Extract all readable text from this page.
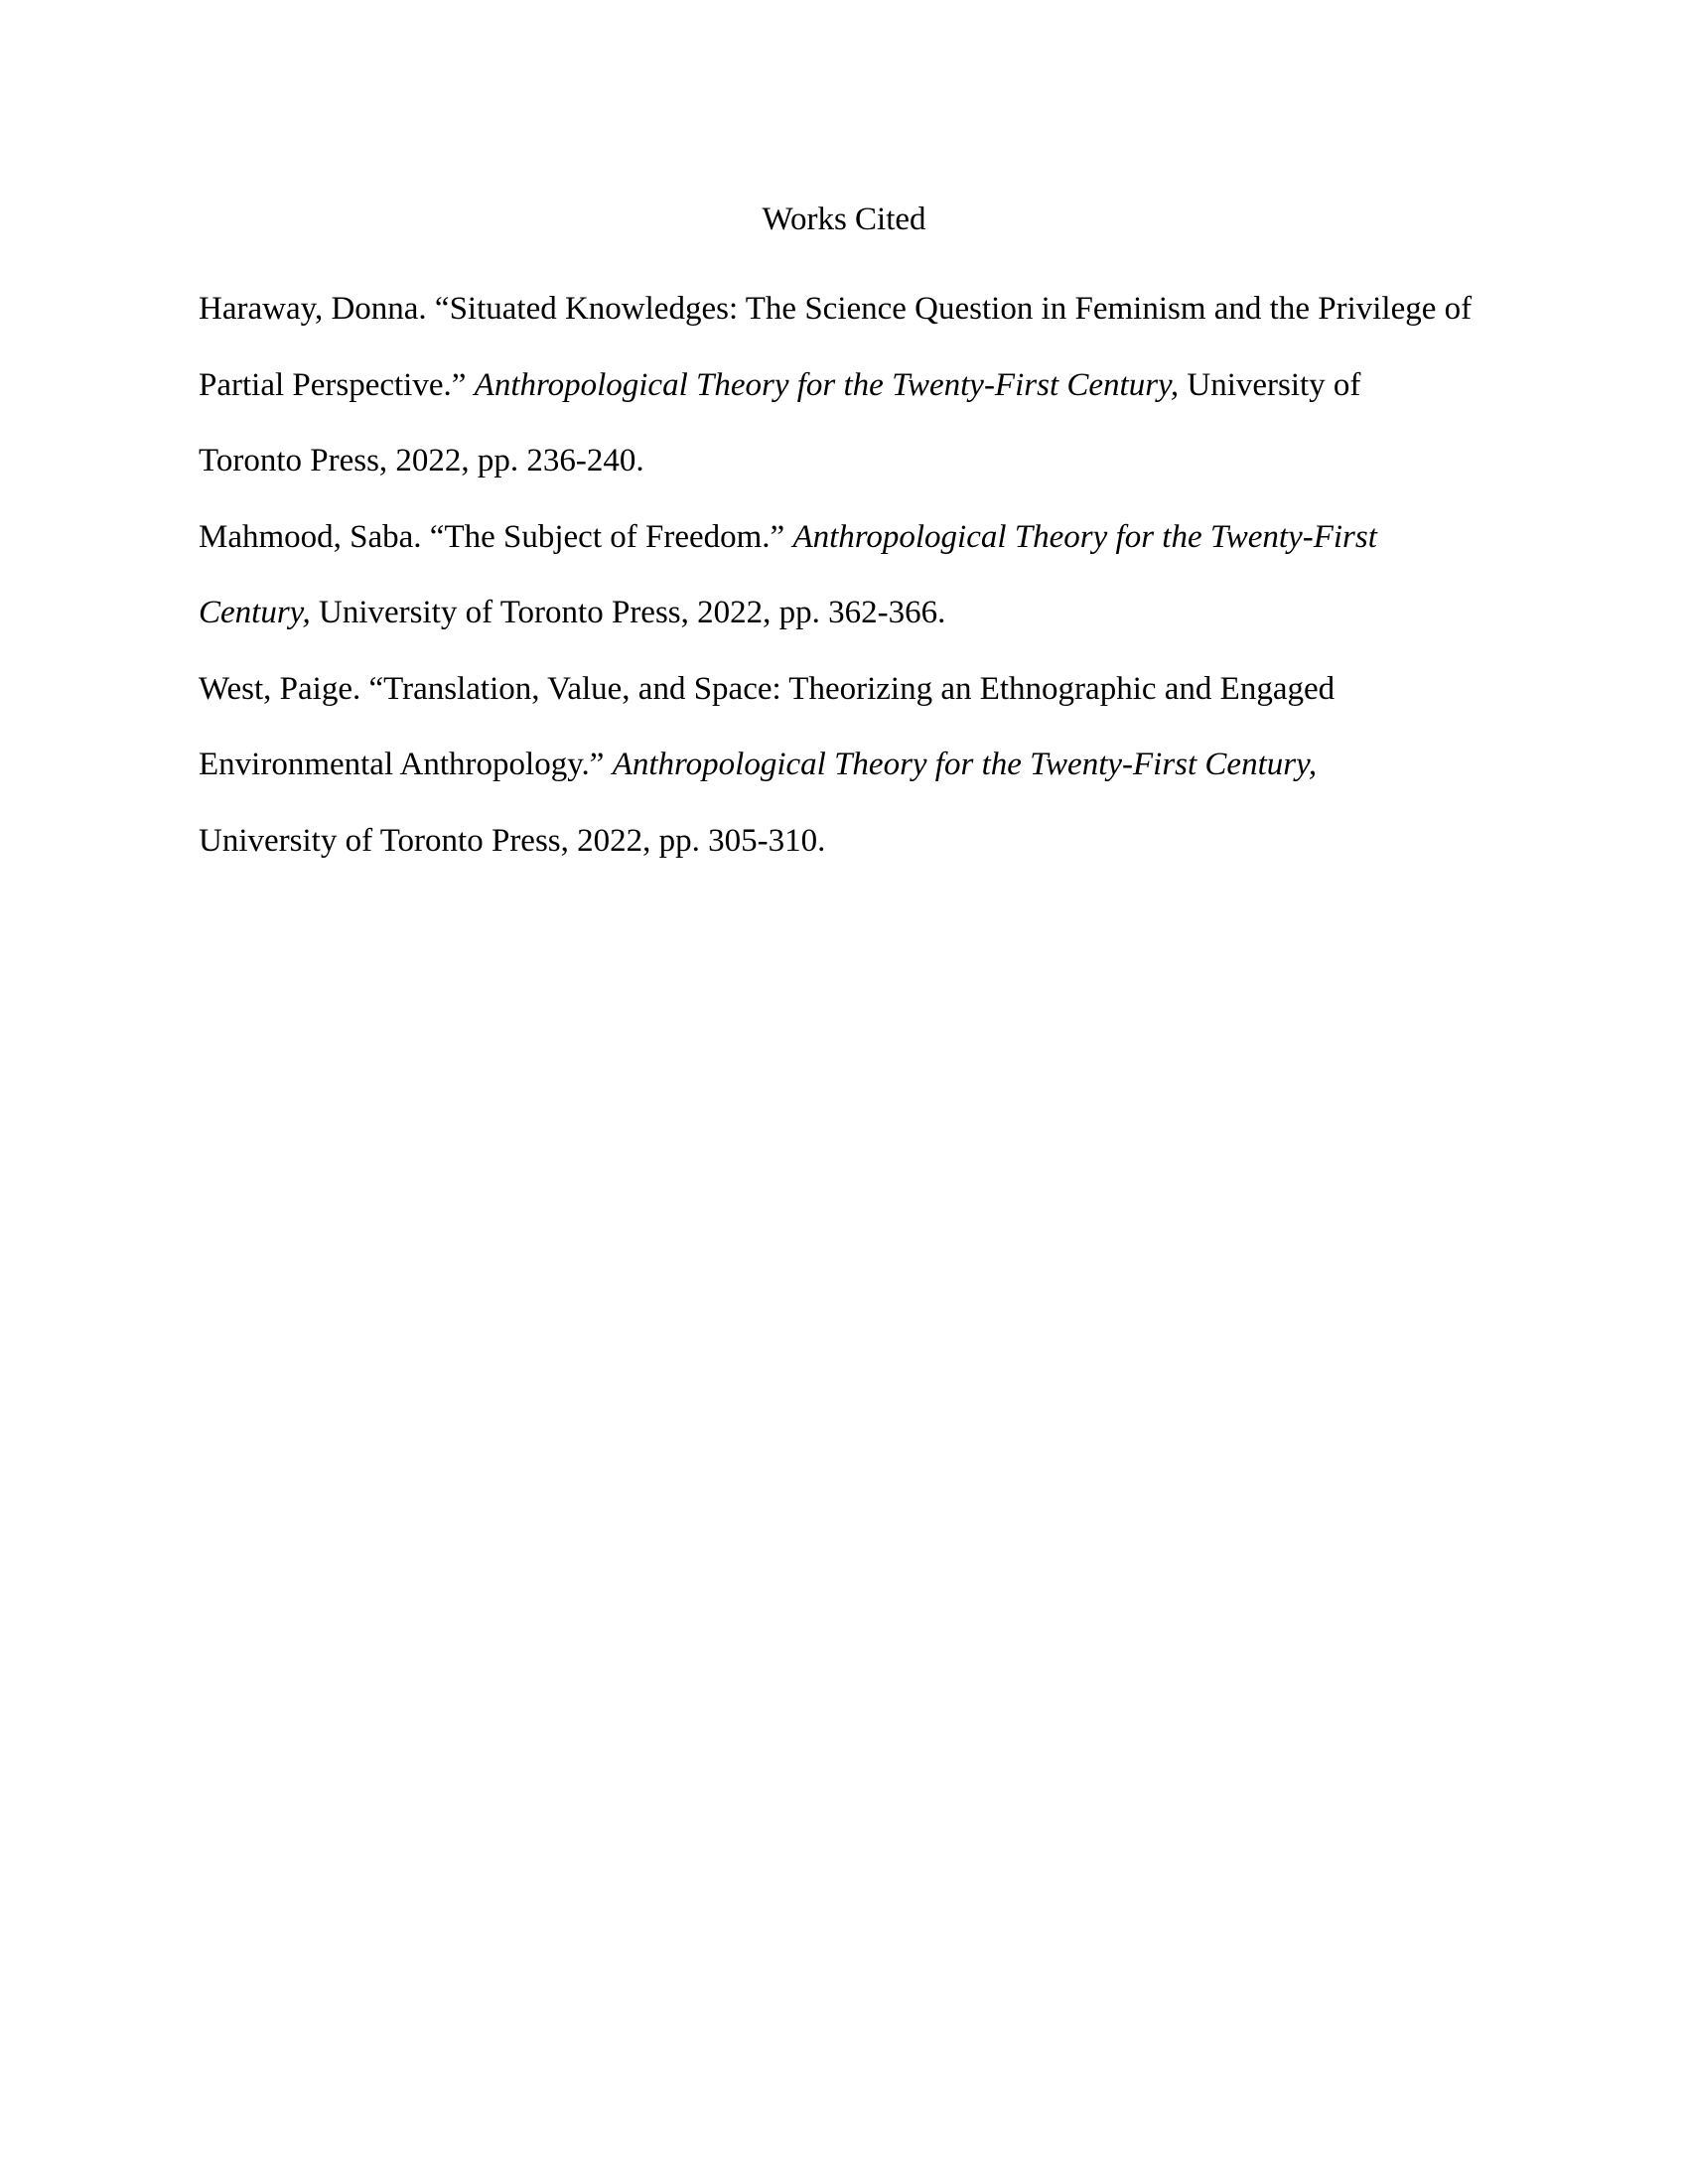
Works Cited

Haraway, Donna. “Situated Knowledges: The Science Question in Feminism and the Privilege of
Partial Perspective.” Anthropological Theory for the Twenty-First Century, University of
Toronto Press, 2022, pp. 236-240.

Mahmood, Saba. “The Subject of Freedom.” Anthropological Theory for the Twenty-First
Century, University of Toronto Press, 2022, pp. 362-366.

West, Paige. “Translation, Value, and Space: Theorizing an Ethnographic and Engaged
Environmental Anthropology.” Anthropological Theory for the Twenty-First Century,
University of Toronto Press, 2022, pp. 305-310.
